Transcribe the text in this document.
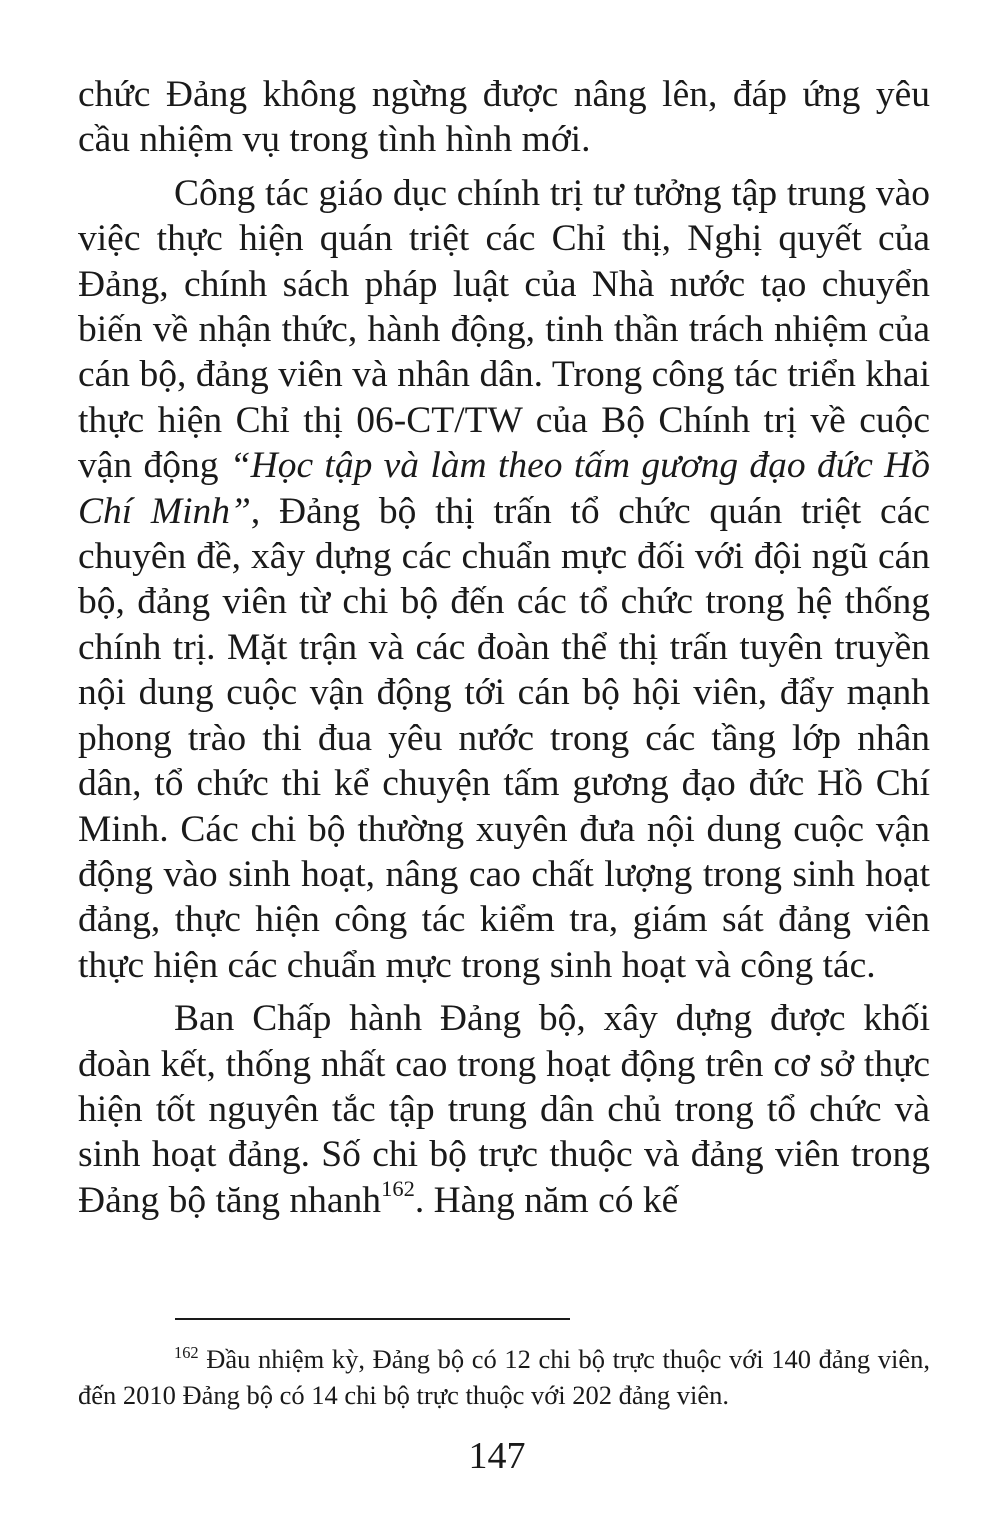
chức Đảng không ngừng được nâng lên, đáp ứng yêu cầu nhiệm vụ trong tình hình mới.

Công tác giáo dục chính trị tư tưởng tập trung vào việc thực hiện quán triệt các Chỉ thị, Nghị quyết của Đảng, chính sách pháp luật của Nhà nước tạo chuyển biến về nhận thức, hành động, tinh thần trách nhiệm của cán bộ, đảng viên và nhân dân. Trong công tác triển khai thực hiện Chỉ thị 06-CT/TW của Bộ Chính trị về cuộc vận động “Học tập và làm theo tấm gương đạo đức Hồ Chí Minh”, Đảng bộ thị trấn tổ chức quán triệt các chuyên đề, xây dựng các chuẩn mực đối với đội ngũ cán bộ, đảng viên từ chi bộ đến các tổ chức trong hệ thống chính trị. Mặt trận và các đoàn thể thị trấn tuyên truyền nội dung cuộc vận động tới cán bộ hội viên, đẩy mạnh phong trào thi đua yêu nước trong các tầng lớp nhân dân, tổ chức thi kể chuyện tấm gương đạo đức Hồ Chí Minh. Các chi bộ thường xuyên đưa nội dung cuộc vận động vào sinh hoạt, nâng cao chất lượng trong sinh hoạt đảng, thực hiện công tác kiểm tra, giám sát đảng viên thực hiện các chuẩn mực trong sinh hoạt và công tác.

Ban Chấp hành Đảng bộ, xây dựng được khối đoàn kết, thống nhất cao trong hoạt động trên cơ sở thực hiện tốt nguyên tắc tập trung dân chủ trong tổ chức và sinh hoạt đảng. Số chi bộ trực thuộc và đảng viên trong Đảng bộ tăng nhanh$^{162}$. Hàng năm có kế

$^{162}$ Đầu nhiệm kỳ, Đảng bộ có 12 chi bộ trực thuộc với 140 đảng viên, đến 2010 Đảng bộ có 14 chi bộ trực thuộc với 202 đảng viên.

147
